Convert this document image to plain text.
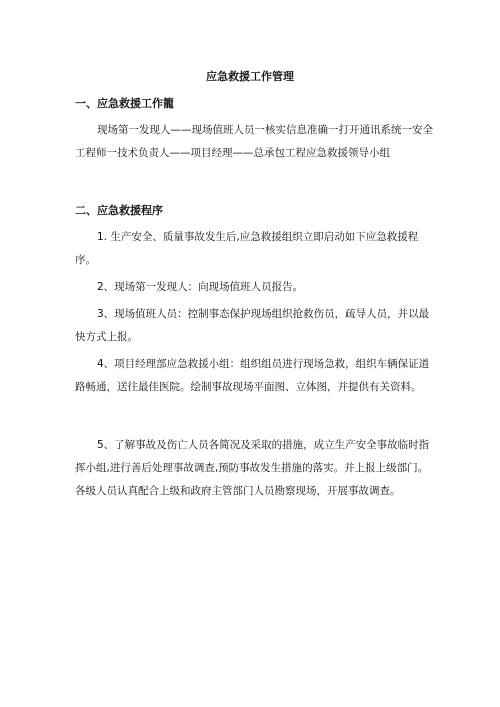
应急救援工作管理
一、应急救援工作籠

现场第一发现人——现场值班人员一核实信息准确一打开通讯系统一安全工程师一技术负责人——项目经理——总承包工程应急救援领导小组

二、应急救援程序

1. 生产安全、质量事故发生后,应急救援组织立即启动如下应急救援程序。

2、现场第一发现人：向现场值班人员报告。

3、现场值班人员：控制事态保护现场组织抢救伤员，疏导人员，并以最快方式上报。

4、项目经理部应急救援小组：组织组员进行现场急救，组织车辆保证道路畅通，送往最佳医院。绘制事故现场平面图、立体图，并提供有关资料。

5、了解事故及伤亡人员各简况及采取的措施，成立生产安全事故临时指挥小组,进行善后处理事故调查,预防事故发生措施的落实。并上报上级部门。各级人员认真配合上级和政府主管部门人员勘察现场，开展事故调查。
